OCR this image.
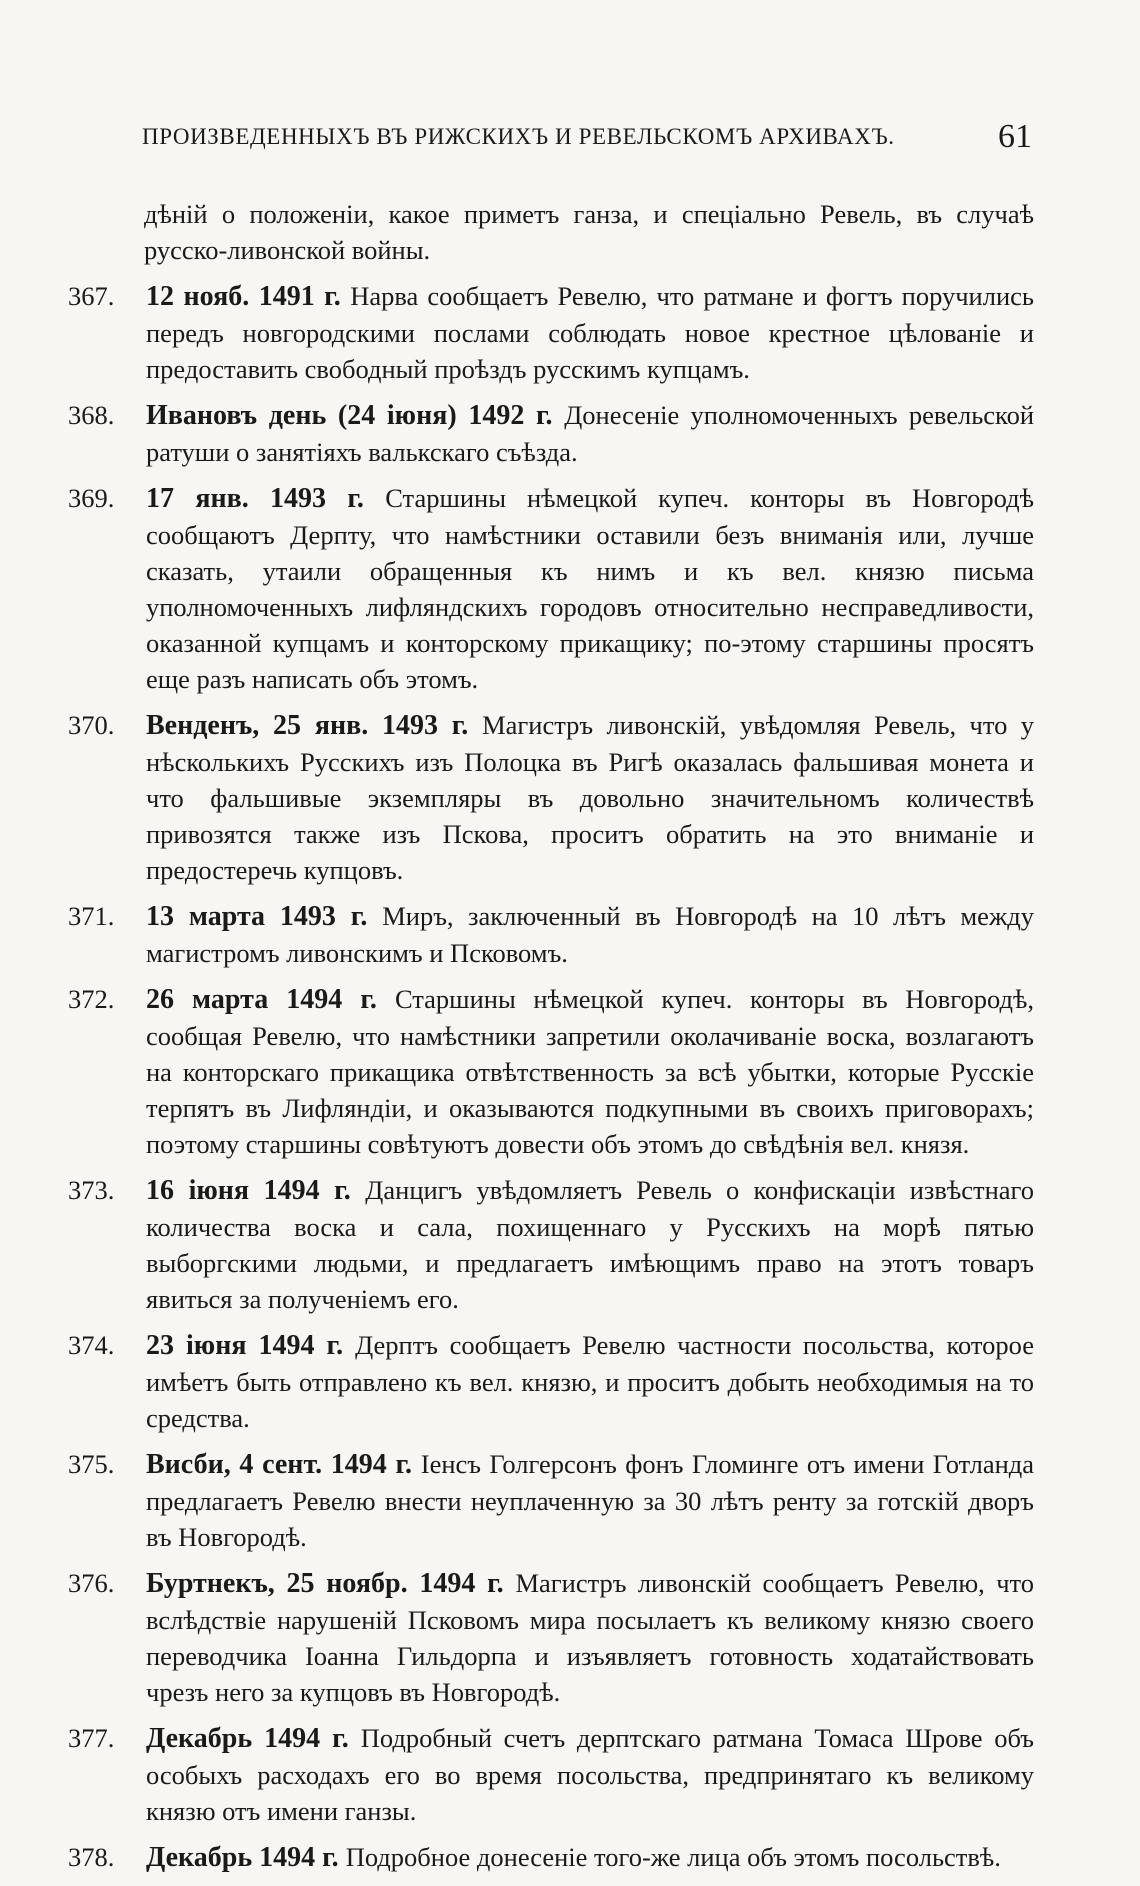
ПРОИЗВЕДЕННЫХЪ ВЪ РИЖСКИХЪ И РЕВЕЛЬСКОМЪ АРХИВАХЪ.	61

дѣній о положеніи, какое приметъ ганза, и спеціально Ревель, въ случаѣ русско-ливонской войны.

367.	12 нояб. 1491 г. Нарва сообщаетъ Ревелю, что ратмане и фогтъ поручились передъ новгородскими послами соблюдать новое крестное цѣлованіе и предоставить свободный проѣздъ русскимъ купцамъ.
368.	Ивановъ день (24 іюня) 1492 г. Донесеніе уполномоченныхъ ревельской ратуши о занятіяхъ валькскаго съѣзда.
369.	17 янв. 1493 г. Старшины нѣмецкой купеч. конторы въ Новгородѣ сообщаютъ Дерпту, что намѣстники оставили безъ вниманія или, лучше сказать, утаили обращенныя къ нимъ и къ вел. князю письма уполномоченныхъ лифляндскихъ городовъ относительно несправедливости, оказанной купцамъ и конторскому прикащику; по-этому старшины просятъ еще разъ написать объ этомъ.
370.	Венденъ, 25 янв. 1493 г. Магистръ ливонскій, увѣдомляя Ревель, что у нѣсколькихъ Русскихъ изъ Полоцка въ Ригѣ оказалась фальшивая монета и что фальшивые экземпляры въ довольно значительномъ количествѣ привозятся также изъ Пскова, проситъ обратить на это вниманіе и предостеречь купцовъ.
371.	13 марта 1493 г. Миръ, заключенный въ Новгородѣ на 10 лѣтъ между магистромъ ливонскимъ и Псковомъ.
372.	26 марта 1494 г. Старшины нѣмецкой купеч. конторы въ Новгородѣ, сообщая Ревелю, что намѣстники запретили околачиваніе воска, возлагаютъ на конторскаго прикащика отвѣтственность за всѣ убытки, которые Русскіе терпятъ въ Лифляндіи, и оказываются подкупными въ своихъ приговорахъ; поэтому старшины совѣтуютъ довести объ этомъ до свѣдѣнія вел. князя.
373.	16 іюня 1494 г. Данцигъ увѣдомляетъ Ревель о конфискаціи извѣстнаго количества воска и сала, похищеннаго у Русскихъ на морѣ пятью выборгскими людьми, и предлагаетъ имѣющимъ право на этотъ товаръ явиться за полученіемъ его.
374.	23 іюня 1494 г. Дерптъ сообщаетъ Ревелю частности посольства, которое имѣетъ быть отправлено къ вел. князю, и проситъ добыть необходимыя на то средства.
375.	Висби, 4 сент. 1494 г. Іенсъ Голгерсонъ фонъ Гломинге отъ имени Готланда предлагаетъ Ревелю внести неуплаченную за 30 лѣтъ ренту за готскій дворъ въ Новгородѣ.
376.	Буртнекъ, 25 ноябр. 1494 г. Магистръ ливонскій сообщаетъ Ревелю, что вслѣдствіе нарушеній Псковомъ мира посылаетъ къ великому князю своего переводчика Іоанна Гильдорпа и изъявляетъ готовность ходатайствовать чрезъ него за купцовъ въ Новгородѣ.
377.	Декабрь 1494 г. Подробный счетъ дерптскаго ратмана Томаса Шрове объ особыхъ расходахъ его во время посольства, предпринятаго къ великому князю отъ имени ганзы.
378.	Декабрь 1494 г. Подробное донесеніе того-же лица объ этомъ посольствѣ.
